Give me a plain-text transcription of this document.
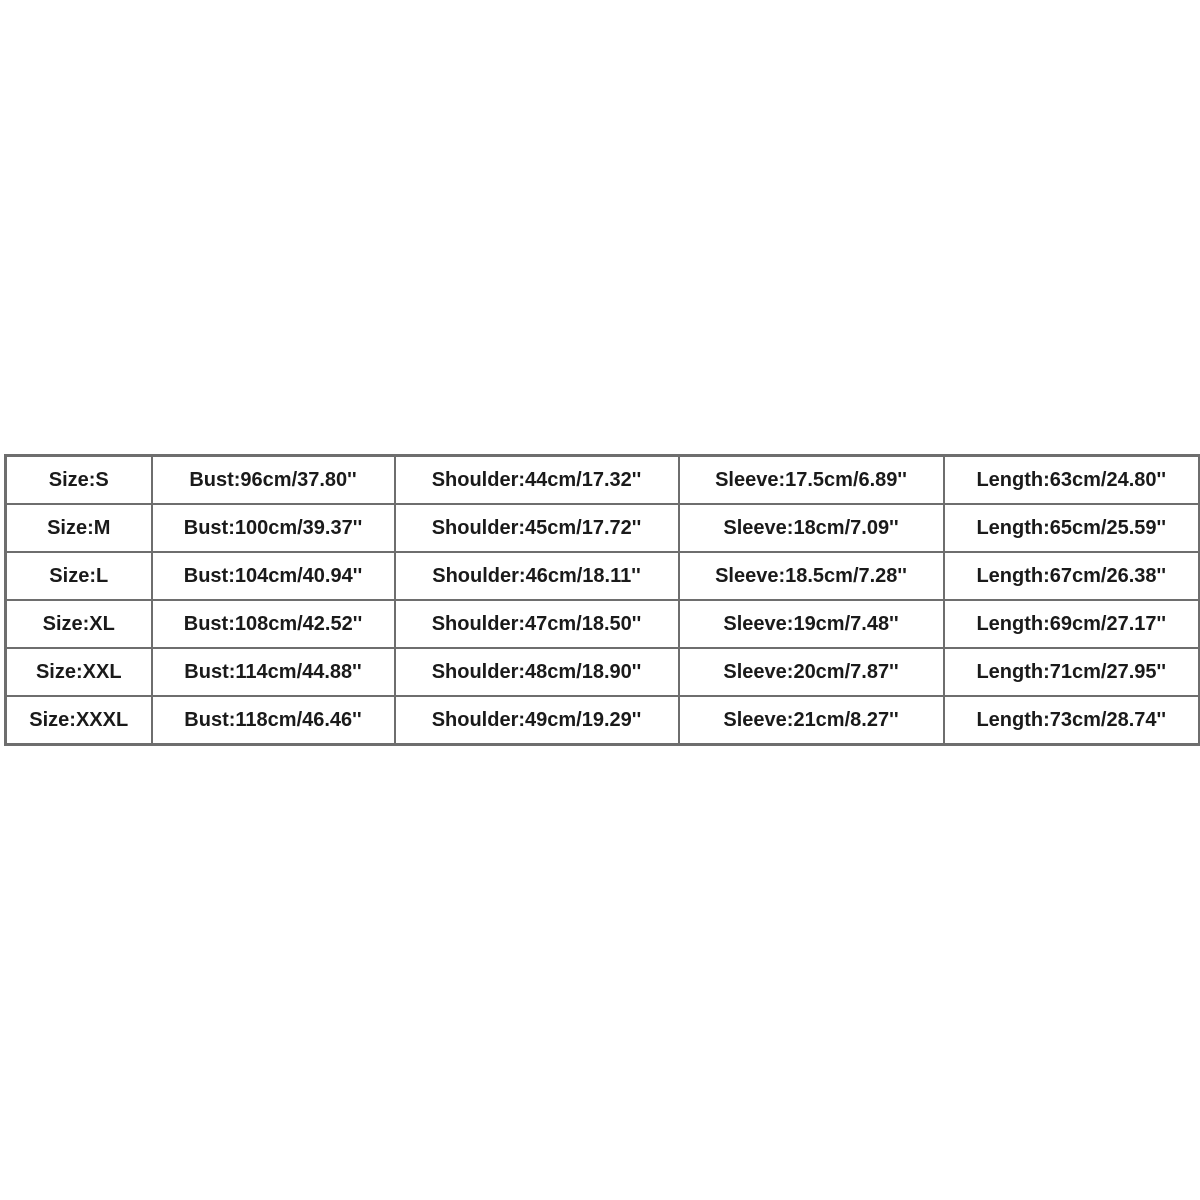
Size:S	Bust:96cm/37.80''	Shoulder:44cm/17.32''	Sleeve:17.5cm/6.89''	Length:63cm/24.80''
Size:M	Bust:100cm/39.37''	Shoulder:45cm/17.72''	Sleeve:18cm/7.09''	Length:65cm/25.59''
Size:L	Bust:104cm/40.94''	Shoulder:46cm/18.11''	Sleeve:18.5cm/7.28''	Length:67cm/26.38''
Size:XL	Bust:108cm/42.52''	Shoulder:47cm/18.50''	Sleeve:19cm/7.48''	Length:69cm/27.17''
Size:XXL	Bust:114cm/44.88''	Shoulder:48cm/18.90''	Sleeve:20cm/7.87''	Length:71cm/27.95''
Size:XXXL	Bust:118cm/46.46''	Shoulder:49cm/19.29''	Sleeve:21cm/8.27''	Length:73cm/28.74''
